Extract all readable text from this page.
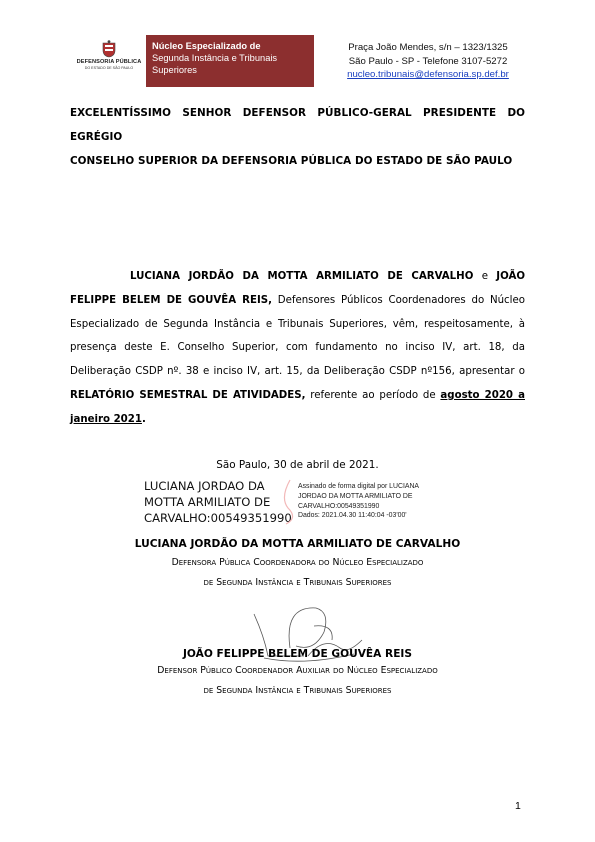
DEFENSORIA PÚBLICA
DO ESTADO DE SÃO PAULO
Núcleo Especializado de
Segunda Instância e Tribunais
Superiores
Praça João Mendes, s/n – 1323/1325
São Paulo - SP - Telefone 3107-5272
nucleo.tribunais@defensoria.sp.def.br
EXCELENTÍSSIMO SENHOR DEFENSOR PÚBLICO-GERAL PRESIDENTE DO EGRÉGIO
CONSELHO SUPERIOR DA DEFENSORIA PÚBLICA DO ESTADO DE SÃO PAULO

LUCIANA JORDÃO DA MOTTA ARMILIATO DE CARVALHO e JOÃO FELIPPE BELEM DE GOUVÊA REIS, Defensores Públicos Coordenadores do Núcleo Especializado de Segunda Instância e Tribunais Superiores, vêm, respeitosamente, à presença deste E. Conselho Superior, com fundamento no inciso IV, art. 18, da Deliberação CSDP nº. 38 e inciso IV, art. 15, da Deliberação CSDP nº156, apresentar o RELATÓRIO SEMESTRAL DE ATIVIDADES, referente ao período de agosto 2020 a janeiro 2021.

São Paulo, 30 de abril de 2021.
LUCIANA JORDAO DA
MOTTA ARMILIATO DE
CARVALHO:00549351990
Assinado de forma digital por LUCIANA
JORDAO DA MOTTA ARMILIATO DE
CARVALHO:00549351990
Dados: 2021.04.30 11:40:04 -03'00'
LUCIANA JORDÃO DA MOTTA ARMILIATO DE CARVALHO
Defensora Pública Coordenadora do Núcleo Especializado
de Segunda Instância e Tribunais Superiores
JOÃO FELIPPE BELEM DE GOUVÊA REIS
Defensor Público Coordenador Auxiliar do Núcleo Especializado
de Segunda Instância e Tribunais Superiores
1
